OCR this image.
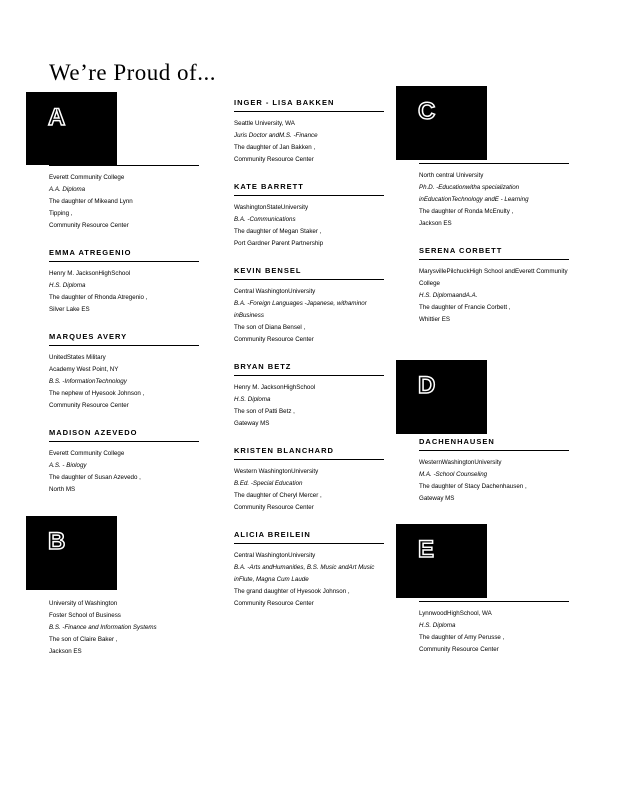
We’re Proud of...
Everett Community College
A.A. Diploma
The daughter of Mikeand Lynn
Tipping ,
Community Resource Center
EMMA ATREGENIO
Henry M. JacksonHighSchool
H.S. Diploma
The daughter of Rhonda Atregenio ,
Silver Lake ES
MARQUES AVERY
UnitedStates Military
Academy West Point, NY
B.S. -InformationTechnology
The nephew of Hyesook Johnson ,
Community Resource Center
MADISON AZEVEDO
Everett Community College
A.S. - Biology
The daughter of Susan Azevedo ,
North MS
University of Washington
Foster School of Business
B.S. -Finance and Information Systems
The son of Claire Baker ,
Jackson ES
INGER - LISA BAKKEN
Seattle University, WA
Juris Doctor andM.S. -Finance
The daughter of Jan Bakken ,
Community Resource Center
KATE BARRETT
WashingtonStateUniversity
B.A. -Communications
The daughter of Megan Staker ,
Port Gardner Parent Partnership
KEVIN BENSEL
Central WashingtonUniversity
B.A. -Foreign Languages -Japanese, withaminor inBusiness
The son of Diana Bensel ,
Community Resource Center
BRYAN BETZ
Henry M. JacksonHighSchool
H.S. Diploma
The son of Patti Betz ,
Gateway MS
KRISTEN BLANCHARD
Western WashingtonUniversity
B.Ed. -Special Education
The daughter of Cheryl Mercer ,
Community Resource Center
ALICIA BREILEIN
Central WashingtonUniversity
B.A. -Arts andHumanities, B.S. Music andArt Music inFlute, Magna Cum Laude
The grand daughter of Hyesook Johnson ,
Community Resource Center
North central University
Ph.D. -Educationwitha specialization inEducationTechnology andE - Learning
The daughter of Ronda McEnulty ,
Jackson ES
SERENA CORBETT
MarysvillePilchuckHigh School andEverett Community College
H.S. DiplomaandA.A.
The daughter of Francie Corbett ,
Whittier ES
DACHENHAUSEN
WesternWashingtonUniversity
M.A. -School Counseling
The daughter of Stacy Dachenhausen ,
Gateway MS
LynnwoodHighSchool, WA
H.S. Diploma
The daughter of Amy Perusse ,
Community Resource Center
A
B
C
D
E
